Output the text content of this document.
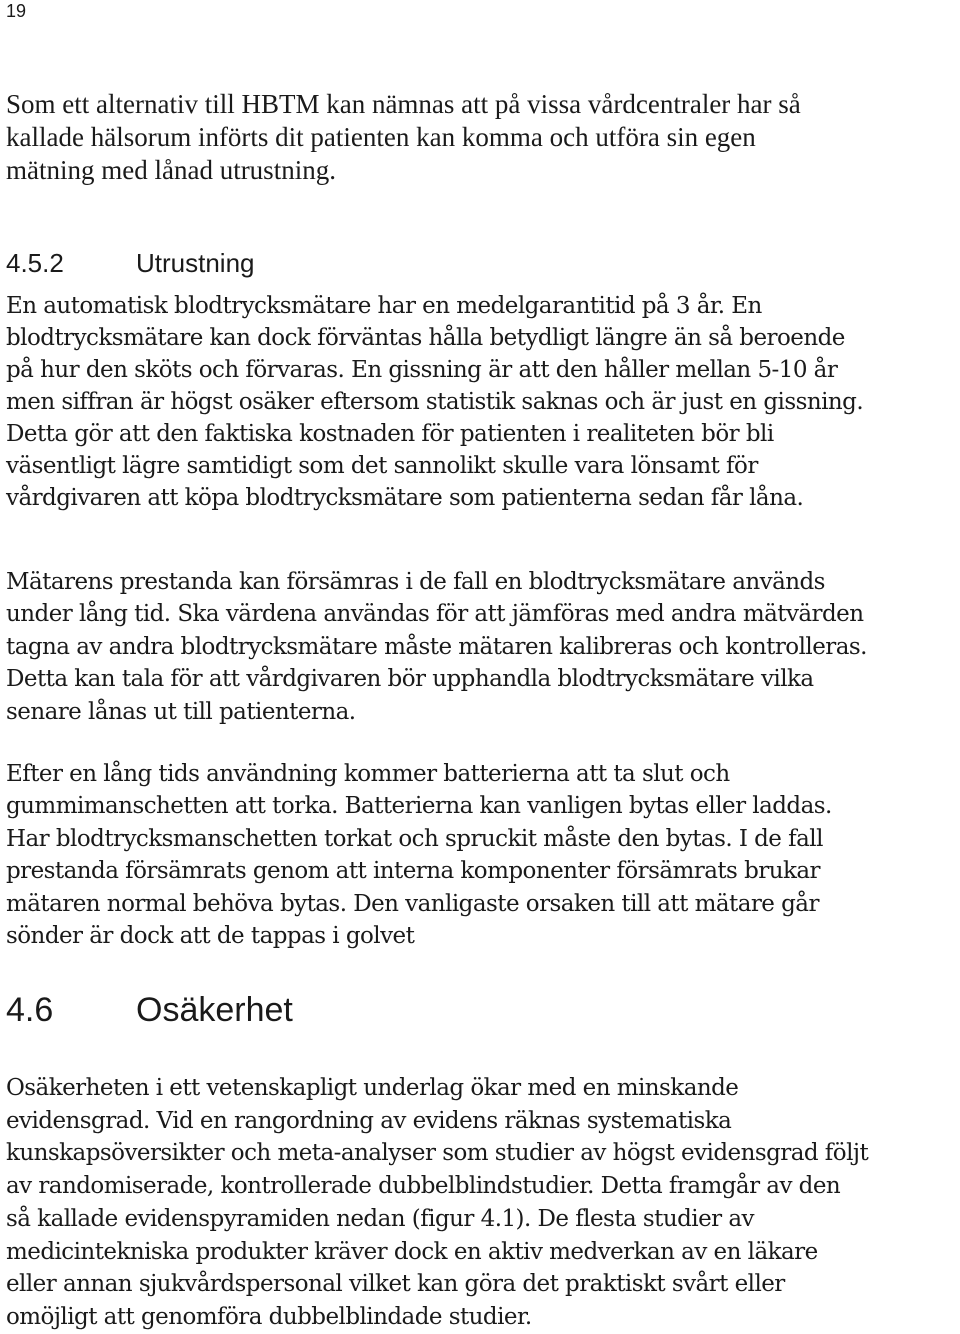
19

Som ett alternativ till HBTM kan nämnas att på vissa vårdcentraler har så
kallade hälsorum införts dit patienten kan komma och utföra sin egen
mätning med lånad utrustning.

4.5.2	Utrustning

En automatisk blodtrycksmätare har en medelgarantitid på 3 år. En
blodtrycksmätare kan dock förväntas hålla betydligt längre än så beroende
på hur den sköts och förvaras. En gissning är att den håller mellan 5-10 år
men siffran är högst osäker eftersom statistik saknas och är just en gissning.
Detta gör att den faktiska kostnaden för patienten i realiteten bör bli
väsentligt lägre samtidigt som det sannolikt skulle vara lönsamt för
vårdgivaren att köpa blodtrycksmätare som patienterna sedan får låna.

Mätarens prestanda kan försämras i de fall en blodtrycksmätare används
under lång tid. Ska värdena användas för att jämföras med andra mätvärden
tagna av andra blodtrycksmätare måste mätaren kalibreras och kontrolleras.
Detta kan tala för att vårdgivaren bör upphandla blodtrycksmätare vilka
senare lånas ut till patienterna.

Efter en lång tids användning kommer batterierna att ta slut och
gummimanschetten att torka. Batterierna kan vanligen bytas eller laddas.
Har blodtrycksmanschetten torkat och spruckit måste den bytas. I de fall
prestanda försämrats genom att interna komponenter försämrats brukar
mätaren normal behöva bytas. Den vanligaste orsaken till att mätare går
sönder är dock att de tappas i golvet

4.6 Osäkerhet

Osäkerheten i ett vetenskapligt underlag ökar med en minskande
evidensgrad. Vid en rangordning av evidens räknas systematiska
kunskapsöversikter och meta-analyser som studier av högst evidensgrad följt
av randomiserade, kontrollerade dubbelblindstudier. Detta framgår av den
så kallade evidenspyramiden nedan (figur 4.1). De flesta studier av
medicintekniska produkter kräver dock en aktiv medverkan av en läkare
eller annan sjukvårdspersonal vilket kan göra det praktiskt svårt eller
omöjligt att genomföra dubbelblindade studier.
